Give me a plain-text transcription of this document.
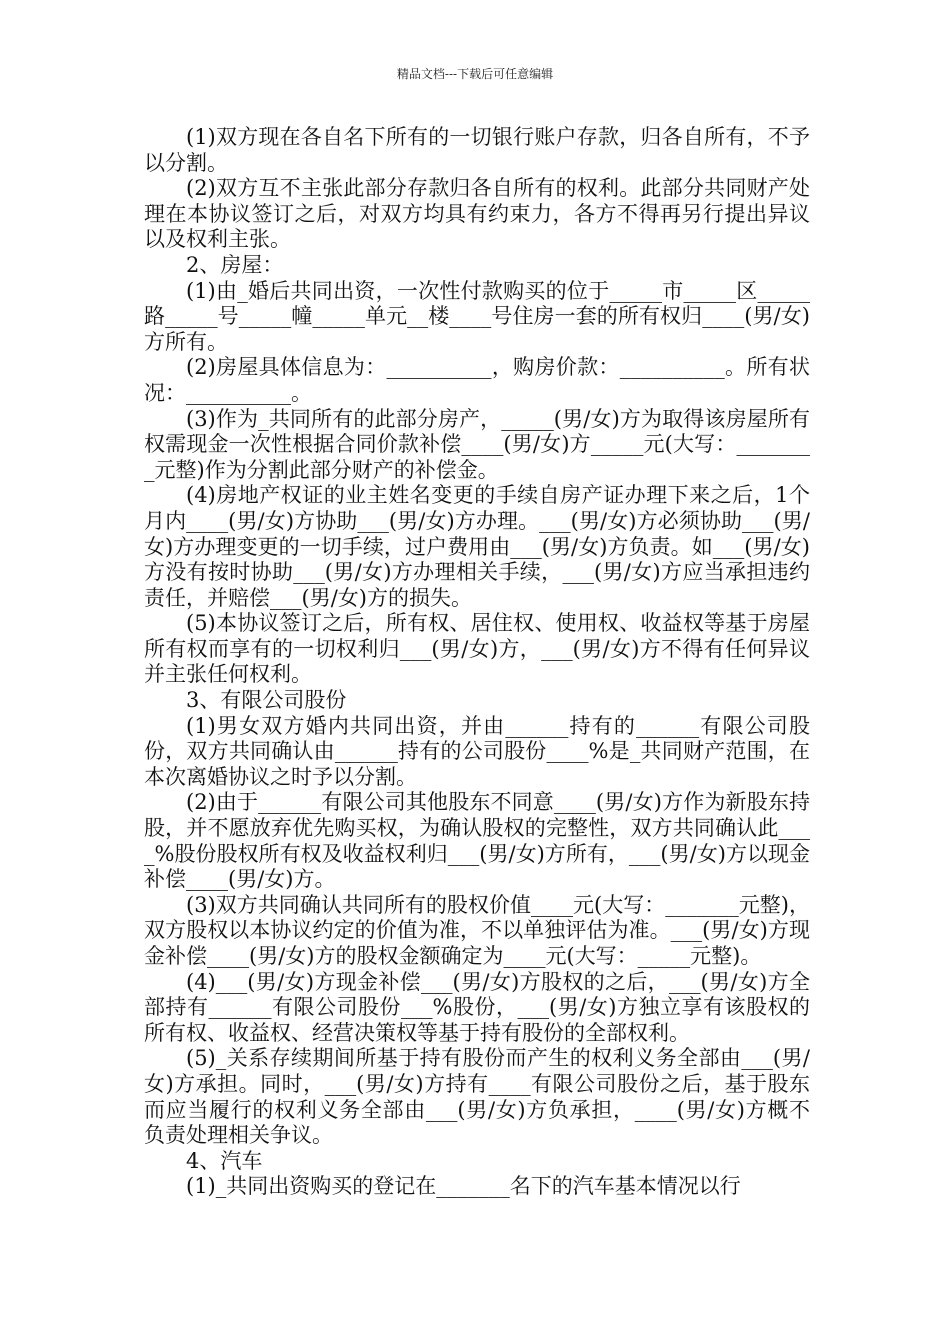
精品文档---下载后可任意编辑

(1)双方现在各自名下所有的一切银行账户存款，归各自所有，不予以分割。

(2)双方互不主张此部分存款归各自所有的权利。此部分共同财产处理在本协议签订之后，对双方均具有约束力，各方不得再另行提出异议以及权利主张。

2、房屋：

(1)由_婚后共同出资，一次性付款购买的位于_____市_____区_____路_____号_____幢_____单元__楼____号住房一套的所有权归____(男/女)方所有。

(2)房屋具体信息为：__________，购房价款：__________。所有状况：__________。

(3)作为_共同所有的此部分房产，_____(男/女)方为取得该房屋所有权需现金一次性根据合同价款补偿____(男/女)方_____元(大写：________元整)作为分割此部分财产的补偿金。

(4)房地产权证的业主姓名变更的手续自房产证办理下来之后，1个月内____(男/女)方协助___(男/女)方办理。___(男/女)方必须协助___(男/女)方办理变更的一切手续，过户费用由___(男/女)方负责。如___(男/女)方没有按时协助___(男/女)方办理相关手续，___(男/女)方应当承担违约责任，并赔偿___(男/女)方的损失。

(5)本协议签订之后，所有权、居住权、使用权、收益权等基于房屋所有权而享有的一切权利归___(男/女)方，___(男/女)方不得有任何异议并主张任何权利。

3、有限公司股份

(1)男女双方婚内共同出资，并由______持有的______有限公司股份，双方共同确认由______持有的公司股份____%是_共同财产范围，在本次离婚协议之时予以分割。

(2)由于______有限公司其他股东不同意____(男/女)方作为新股东持股，并不愿放弃优先购买权，为确认股权的完整性，双方共同确认此____%股份股权所有权及收益权利归___(男/女)方所有，___(男/女)方以现金补偿____(男/女)方。

(3)双方共同确认共同所有的股权价值____元(大写：_______元整)，双方股权以本协议约定的价值为准，不以单独评估为准。___(男/女)方现金补偿____(男/女)方的股权金额确定为____元(大写：_____元整)。

(4)___(男/女)方现金补偿___(男/女)方股权的之后，___(男/女)方全部持有______有限公司股份___%股份，___(男/女)方独立享有该股权的所有权、收益权、经营决策权等基于持有股份的全部权利。

(5)_关系存续期间所基于持有股份而产生的权利义务全部由___(男/女)方承担。同时，___(男/女)方持有____有限公司股份之后，基于股东而应当履行的权利义务全部由___(男/女)方负承担，____(男/女)方概不负责处理相关争议。

4、汽车

(1)_共同出资购买的登记在_______名下的汽车基本情况以行
